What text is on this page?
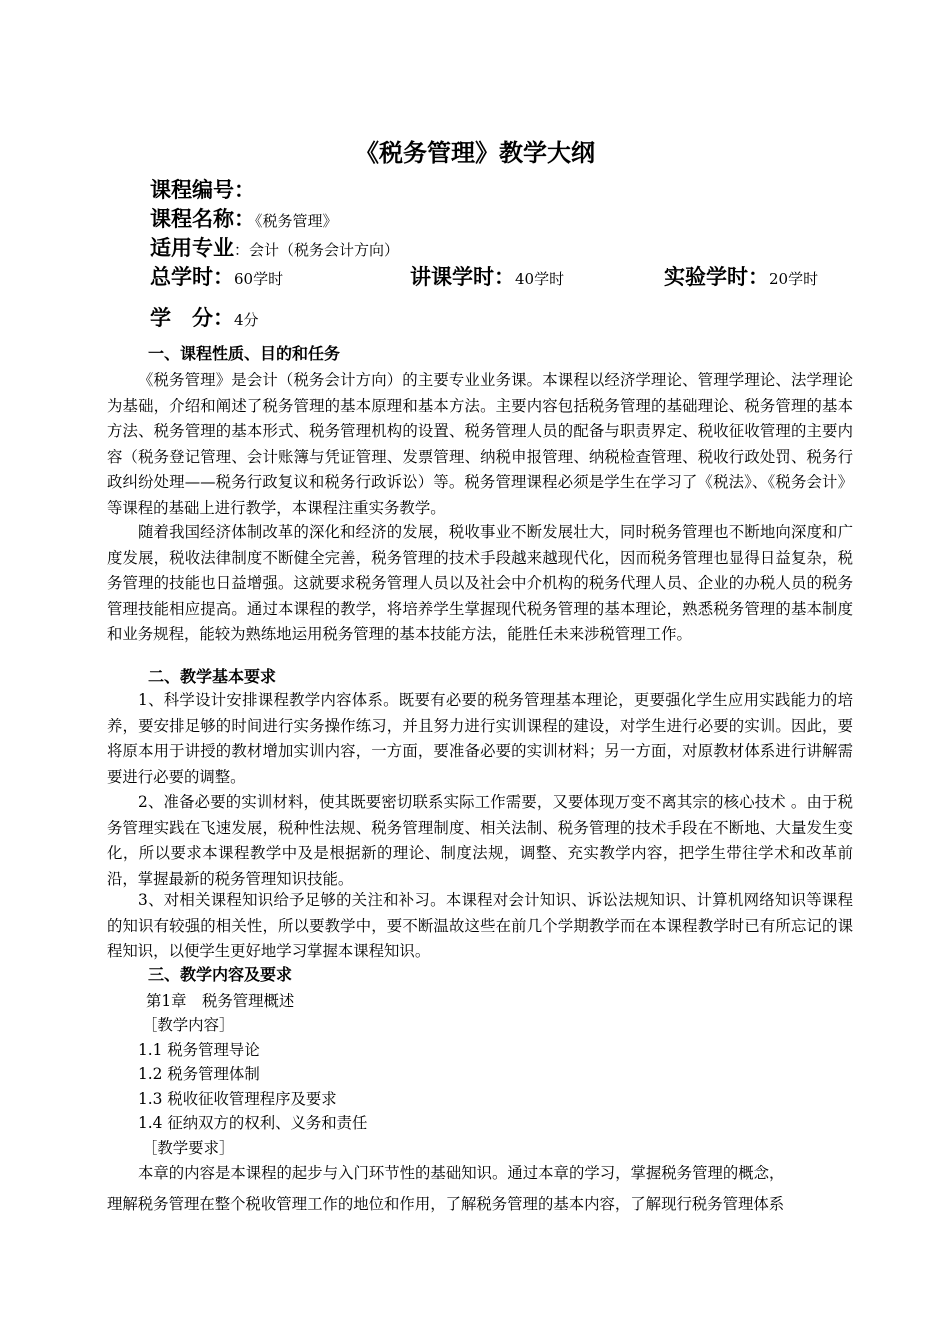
《税务管理》教学大纲
课程编号：
课程名称：《税务管理》
适用专业：会计（税务会计方向）
总学时：60学时	讲课学时：40学时	实验学时：20学时
学　分：4分
一、课程性质、目的和任务

《税务管理》是会计（税务会计方向）的主要专业业务课。本课程以经济学理论、管理学理论、法学理论为基础，介绍和阐述了税务管理的基本原理和基本方法。主要内容包括税务管理的基础理论、税务管理的基本方法、税务管理的基本形式、税务管理机构的设置、税务管理人员的配备与职责界定、税收征收管理的主要内容（税务登记管理、会计账簿与凭证管理、发票管理、纳税申报管理、纳税检查管理、税收行政处罚、税务行政纠纷处理——税务行政复议和税务行政诉讼）等。税务管理课程必须是学生在学习了《税法》、《税务会计》等课程的基础上进行教学，本课程注重实务教学。

随着我国经济体制改革的深化和经济的发展，税收事业不断发展壮大，同时税务管理也不断地向深度和广度发展，税收法律制度不断健全完善，税务管理的技术手段越来越现代化，因而税务管理也显得日益复杂，税务管理的技能也日益增强。这就要求税务管理人员以及社会中介机构的税务代理人员、企业的办税人员的税务管理技能相应提高。通过本课程的教学，将培养学生掌握现代税务管理的基本理论，熟悉税务管理的基本制度和业务规程，能较为熟练地运用税务管理的基本技能方法，能胜任未来涉税管理工作。

二、教学基本要求

1、科学设计安排课程教学内容体系。既要有必要的税务管理基本理论，更要强化学生应用实践能力的培养，要安排足够的时间进行实务操作练习，并且努力进行实训课程的建设，对学生进行必要的实训。因此，要将原本用于讲授的教材增加实训内容，一方面，要准备必要的实训材料；另一方面，对原教材体系进行讲解需要进行必要的调整。

2、准备必要的实训材料，使其既要密切联系实际工作需要，又要体现万变不离其宗的核心技术 。由于税务管理实践在飞速发展，税种性法规、税务管理制度、相关法制、税务管理的技术手段在不断地、大量发生变化，所以要求本课程教学中及是根据新的理论、制度法规，调整、充实教学内容，把学生带往学术和改革前沿，掌握最新的税务管理知识技能。

3、对相关课程知识给予足够的关注和补习。本课程对会计知识、诉讼法规知识、计算机网络知识等课程的知识有较强的相关性，所以要教学中，要不断温故这些在前几个学期教学而在本课程教学时已有所忘记的课程知识，以便学生更好地学习掌握本课程知识。

三、教学内容及要求
第1章　税务管理概述
［教学内容］
1.1 税务管理导论
1.2 税务管理体制
1.3 税收征收管理程序及要求
1.4 征纳双方的权利、义务和责任
［教学要求］
本章的内容是本课程的起步与入门环节性的基础知识。通过本章的学习，掌握税务管理的概念，
理解税务管理在整个税收管理工作的地位和作用，了解税务管理的基本内容，了解现行税务管理体系
